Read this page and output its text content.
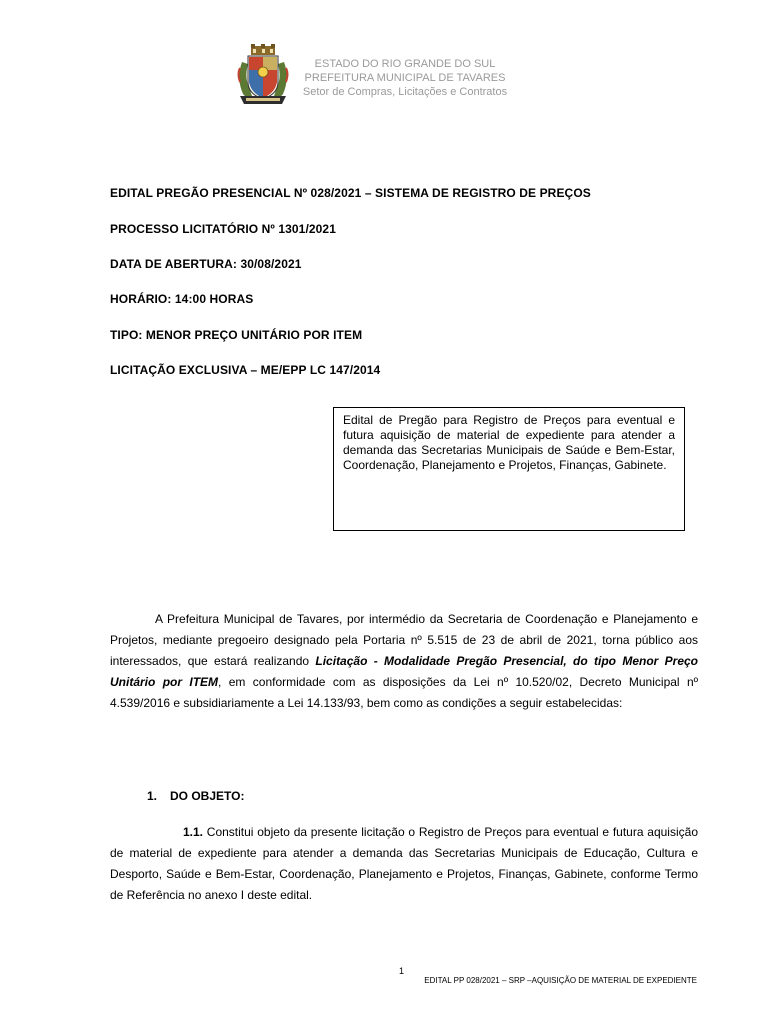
ESTADO DO RIO GRANDE DO SUL
PREFEITURA MUNICIPAL DE TAVARES
Setor de Compras, Licitações e Contratos
EDITAL PREGÃO PRESENCIAL Nº 028/2021 – SISTEMA DE REGISTRO DE PREÇOS
PROCESSO LICITATÓRIO Nº 1301/2021
DATA DE ABERTURA: 30/08/2021
HORÁRIO: 14:00 HORAS
TIPO: MENOR PREÇO UNITÁRIO POR ITEM
LICITAÇÃO EXCLUSIVA – ME/EPP LC 147/2014
Edital de Pregão para Registro de Preços para eventual e futura aquisição de material de expediente para atender a demanda das Secretarias Municipais de Saúde e Bem-Estar, Coordenação, Planejamento e Projetos, Finanças, Gabinete.

A Prefeitura Municipal de Tavares, por intermédio da Secretaria de Coordenação e Planejamento e Projetos, mediante pregoeiro designado pela Portaria nº 5.515 de 23 de abril de 2021, torna público aos interessados, que estará realizando Licitação - Modalidade Pregão Presencial, do tipo Menor Preço Unitário por ITEM, em conformidade com as disposições da Lei nº 10.520/02, Decreto Municipal nº 4.539/2016 e subsidiariamente a Lei 14.133/93, bem como as condições a seguir estabelecidas:

1. DO OBJETO:

1.1. Constitui objeto da presente licitação o Registro de Preços para eventual e futura aquisição de material de expediente para atender a demanda das Secretarias Municipais de Educação, Cultura e Desporto, Saúde e Bem-Estar, Coordenação, Planejamento e Projetos, Finanças, Gabinete, conforme Termo de Referência no anexo I deste edital.

1
EDITAL PP 028/2021 – SRP –AQUISIÇÃO DE MATERIAL DE EXPEDIENTE
